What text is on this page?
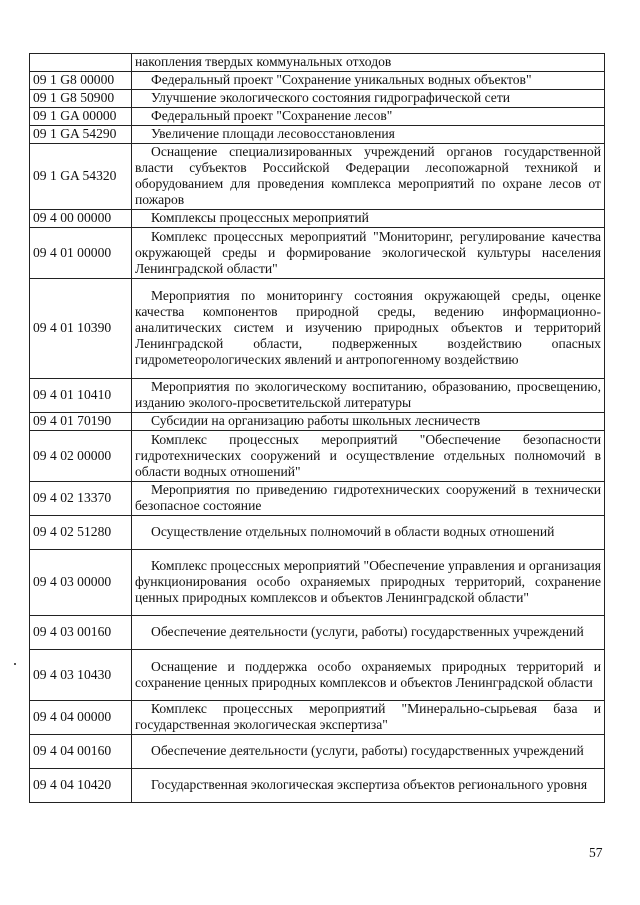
	накопления твердых коммунальных отходов
09 1 G8 00000	Федеральный проект "Сохранение уникальных водных объектов"

09 1 G8 50900	Улучшение экологического состояния гидрографической сети

09 1 GA 00000	Федеральный проект "Сохранение лесов"

09 1 GA 54290	Увеличение площади лесовосстановления

09 1 GA 54320	Оснащение специализированных учреждений органов государственной власти субъектов Российской Федерации лесопожарной техникой и оборудованием для проведения комплекса мероприятий по охране лесов от пожаров

09 4 00 00000	Комплексы процессных мероприятий

09 4 01 00000	Комплекс процессных мероприятий "Мониторинг, регулирование качества окружающей среды и формирование экологической культуры населения Ленинградской области"

09 4 01 10390	Мероприятия по мониторингу состояния окружающей среды, оценке качества компонентов природной среды, ведению информационно-аналитических систем и изучению природных объектов и территорий Ленинградской области, подверженных воздействию опасных гидрометеорологических явлений и антропогенному воздействию

09 4 01 10410	Мероприятия по экологическому воспитанию, образованию, просвещению, изданию эколого-просветительской литературы

09 4 01 70190	Субсидии на организацию работы школьных лесничеств

09 4 02 00000	Комплекс процессных мероприятий "Обеспечение безопасности гидротехнических сооружений и осуществление отдельных полномочий в области водных отношений"

09 4 02 13370	Мероприятия по приведению гидротехнических сооружений в технически безопасное состояние

09 4 02 51280	Осуществление отдельных полномочий в области водных отношений

09 4 03 00000	Комплекс процессных мероприятий "Обеспечение управления и организация функционирования особо охраняемых природных территорий, сохранение ценных природных комплексов и объектов Ленинградской области"

09 4 03 00160	Обеспечение деятельности (услуги, работы) государственных учреждений

09 4 03 10430	Оснащение и поддержка особо охраняемых природных территорий и сохранение ценных природных комплексов и объектов Ленинградской области

09 4 04 00000	Комплекс процессных мероприятий "Минерально-сырьевая база и государственная экологическая экспертиза"

09 4 04 00160	Обеспечение деятельности (услуги, работы) государственных учреждений

09 4 04 10420	Государственная экологическая экспертиза объектов регионального уровня
57
